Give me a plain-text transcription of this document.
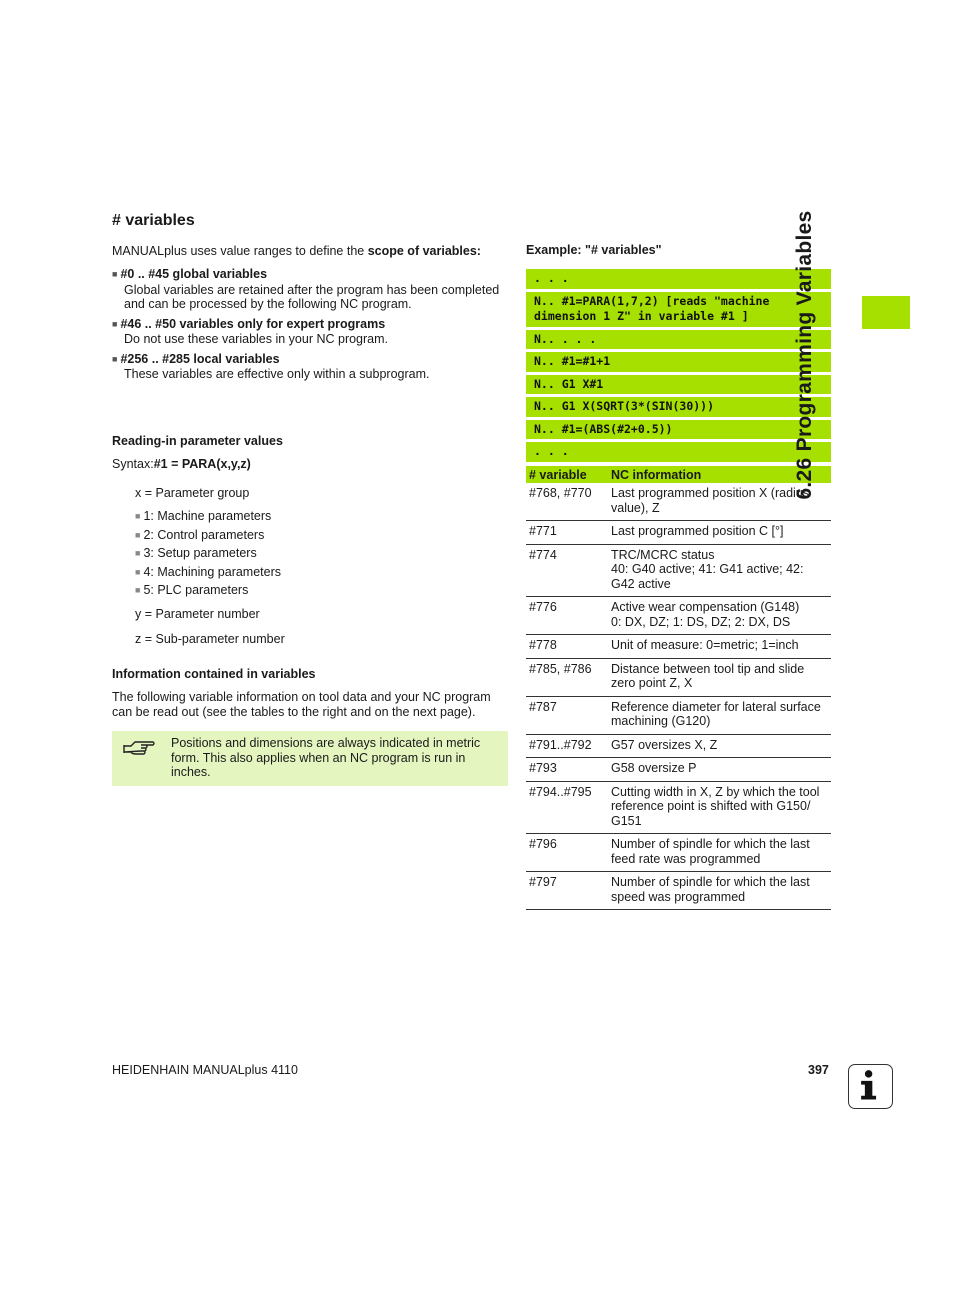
# variables
MANUALplus uses value ranges to define the scope of variables:
■ #0 .. #45 global variables
Global variables are retained after the program has been completed and can be processed by the following NC program.
■ #46 .. #50 variables only for expert programs
Do not use these variables in your NC program.
■ #256 .. #285 local variables
These variables are effective only within a subprogram.
Reading-in parameter values
Syntax:#1 = PARA(x,y,z)
x = Parameter group
■ 1: Machine parameters
■ 2: Control parameters
■ 3: Setup parameters
■ 4: Machining parameters
■ 5: PLC parameters
y = Parameter number
z = Sub-parameter number
Information contained in variables
The following variable information on tool data and your NC program can be read out (see the tables to the right and on the next page).
Positions and dimensions are always indicated in metric form. This also applies when an NC program is run in inches.
Example: "# variables"
. . .
N.. #1=PARA(1,7,2) [reads "machine dimension 1 Z" in variable #1 ]
N.. . . .
N.. #1=#1+1
N.. G1 X#1
N.. G1 X(SQRT(3*(SIN(30)))
N.. #1=(ABS(#2+0.5))
. . .
# variable	NC information
#768, #770	Last programmed position X (radius value), Z
#771	Last programmed position C [°]
#774	TRC/MCRC status
40: G40 active; 41: G41 active; 42: G42 active
#776	Active wear compensation (G148)
0: DX, DZ; 1: DS, DZ; 2: DX, DS
#778	Unit of measure: 0=metric; 1=inch
#785, #786	Distance between tool tip and slide zero point Z, X
#787	Reference diameter for lateral surface machining (G120)
#791..#792	G57 oversizes X, Z
#793	G58 oversize P
#794..#795	Cutting width in X, Z by which the tool reference point is shifted with G150/ G151
#796	Number of spindle for which the last feed rate was programmed
#797	Number of spindle for which the last speed was programmed
6.26 Programming Variables
HEIDENHAIN MANUALplus 4110	397
